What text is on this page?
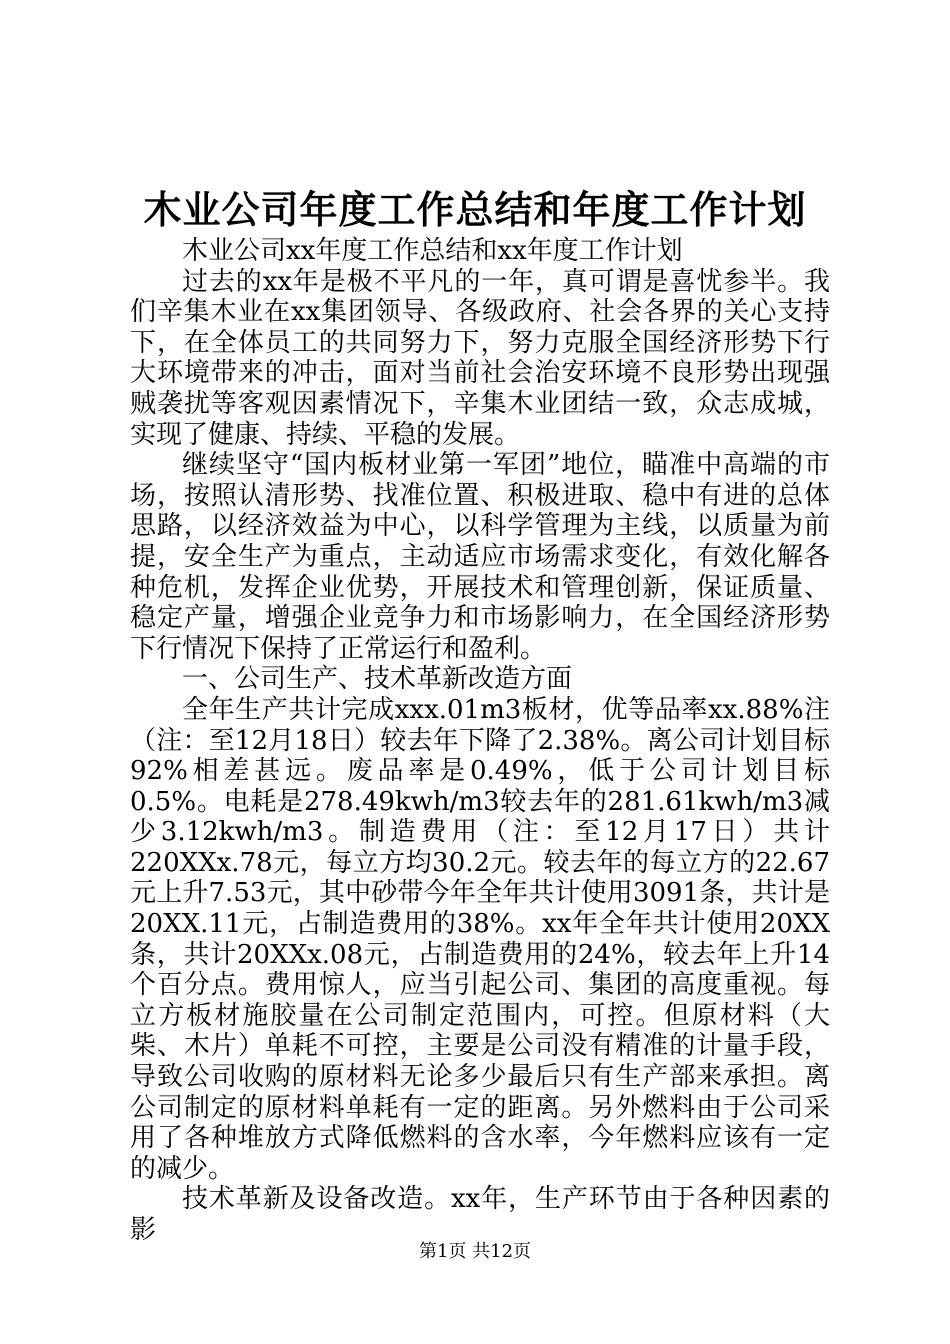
木业公司年度工作总结和年度工作计划

木业公司xx年度工作总结和xx年度工作计划

过去的xx年是极不平凡的一年，真可谓是喜忧参半。我们辛集木业在xx集团领导、各级政府、社会各界的关心支持下，在全体员工的共同努力下，努力克服全国经济形势下行大环境带来的冲击，面对当前社会治安环境不良形势出现强贼袭扰等客观因素情况下，辛集木业团结一致，众志成城，实现了健康、持续、平稳的发展。

继续坚守“国内板材业第一军团”地位，瞄准中高端的市场，按照认清形势、找准位置、积极进取、稳中有进的总体思路，以经济效益为中心，以科学管理为主线，以质量为前提，安全生产为重点，主动适应市场需求变化，有效化解各种危机，发挥企业优势，开展技术和管理创新，保证质量、稳定产量，增强企业竞争力和市场影响力，在全国经济形势下行情况下保持了正常运行和盈利。

一、公司生产、技术革新改造方面

全年生产共计完成xxx.01m3板材，优等品率xx.88%注（注：至12月18日）较去年下降了2.38%。离公司计划目标92%相差甚远。废品率是0.49%，低于公司计划目标0.5%。电耗是278.49kwh/m3较去年的281.61kwh/m3减少3.12kwh/m3。制造费用（注：至12月17日）共计220XXx.78元，每立方均30.2元。较去年的每立方的22.67元上升7.53元，其中砂带今年全年共计使用3091条，共计是20XX.11元，占制造费用的38%。xx年全年共计使用20XX条，共计20XXx.08元，占制造费用的24%，较去年上升14个百分点。费用惊人，应当引起公司、集团的高度重视。每立方板材施胶量在公司制定范围内，可控。但原材料（大柴、木片）单耗不可控，主要是公司没有精准的计量手段，导致公司收购的原材料无论多少最后只有生产部来承担。离公司制定的原材料单耗有一定的距离。另外燃料由于公司采用了各种堆放方式降低燃料的含水率，今年燃料应该有一定的减少。

技术革新及设备改造。xx年，生产环节由于各种因素的影

第1页 共12页
